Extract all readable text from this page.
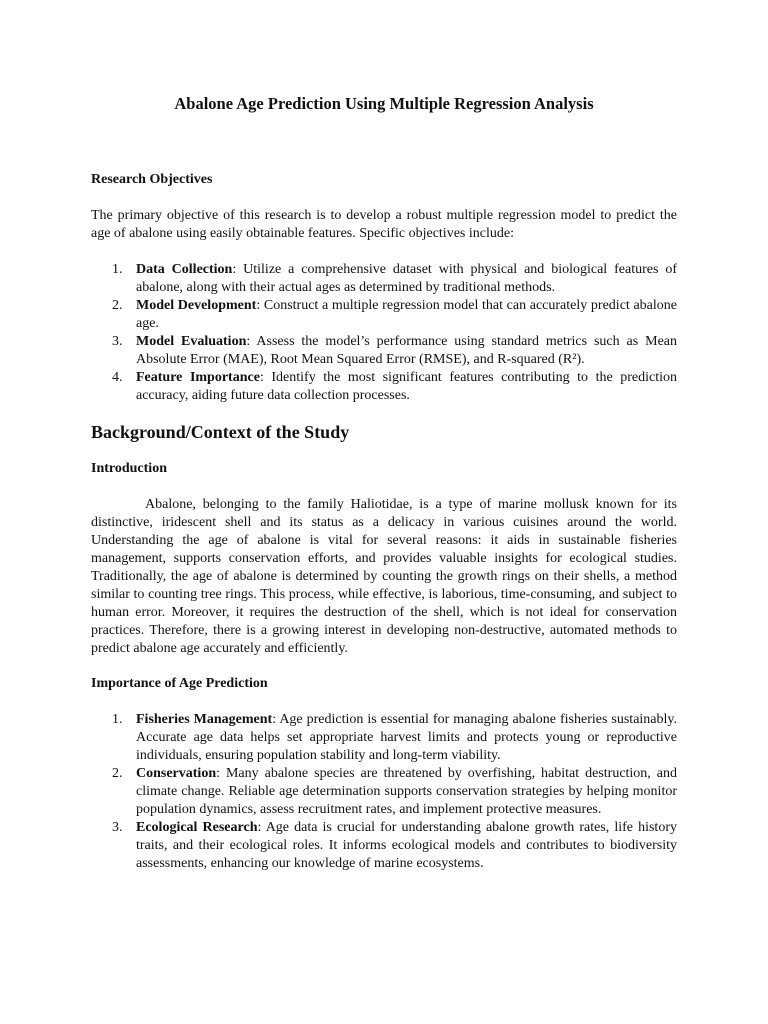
Abalone Age Prediction Using Multiple Regression Analysis
Research Objectives

The primary objective of this research is to develop a robust multiple regression model to predict the age of abalone using easily obtainable features. Specific objectives include:

1. Data Collection: Utilize a comprehensive dataset with physical and biological features of abalone, along with their actual ages as determined by traditional methods.
2. Model Development: Construct a multiple regression model that can accurately predict abalone age.
3. Model Evaluation: Assess the model’s performance using standard metrics such as Mean Absolute Error (MAE), Root Mean Squared Error (RMSE), and R-squared (R²).
4. Feature Importance: Identify the most significant features contributing to the prediction accuracy, aiding future data collection processes.
Background/Context of the Study
Introduction

Abalone, belonging to the family Haliotidae, is a type of marine mollusk known for its distinctive, iridescent shell and its status as a delicacy in various cuisines around the world. Understanding the age of abalone is vital for several reasons: it aids in sustainable fisheries management, supports conservation efforts, and provides valuable insights for ecological studies. Traditionally, the age of abalone is determined by counting the growth rings on their shells, a method similar to counting tree rings. This process, while effective, is laborious, time-consuming, and subject to human error. Moreover, it requires the destruction of the shell, which is not ideal for conservation practices. Therefore, there is a growing interest in developing non-destructive, automated methods to predict abalone age accurately and efficiently.

Importance of Age Prediction
1. Fisheries Management: Age prediction is essential for managing abalone fisheries sustainably. Accurate age data helps set appropriate harvest limits and protects young or reproductive individuals, ensuring population stability and long-term viability.
2. Conservation: Many abalone species are threatened by overfishing, habitat destruction, and climate change. Reliable age determination supports conservation strategies by helping monitor population dynamics, assess recruitment rates, and implement protective measures.
3. Ecological Research: Age data is crucial for understanding abalone growth rates, life history traits, and their ecological roles. It informs ecological models and contributes to biodiversity assessments, enhancing our knowledge of marine ecosystems.
